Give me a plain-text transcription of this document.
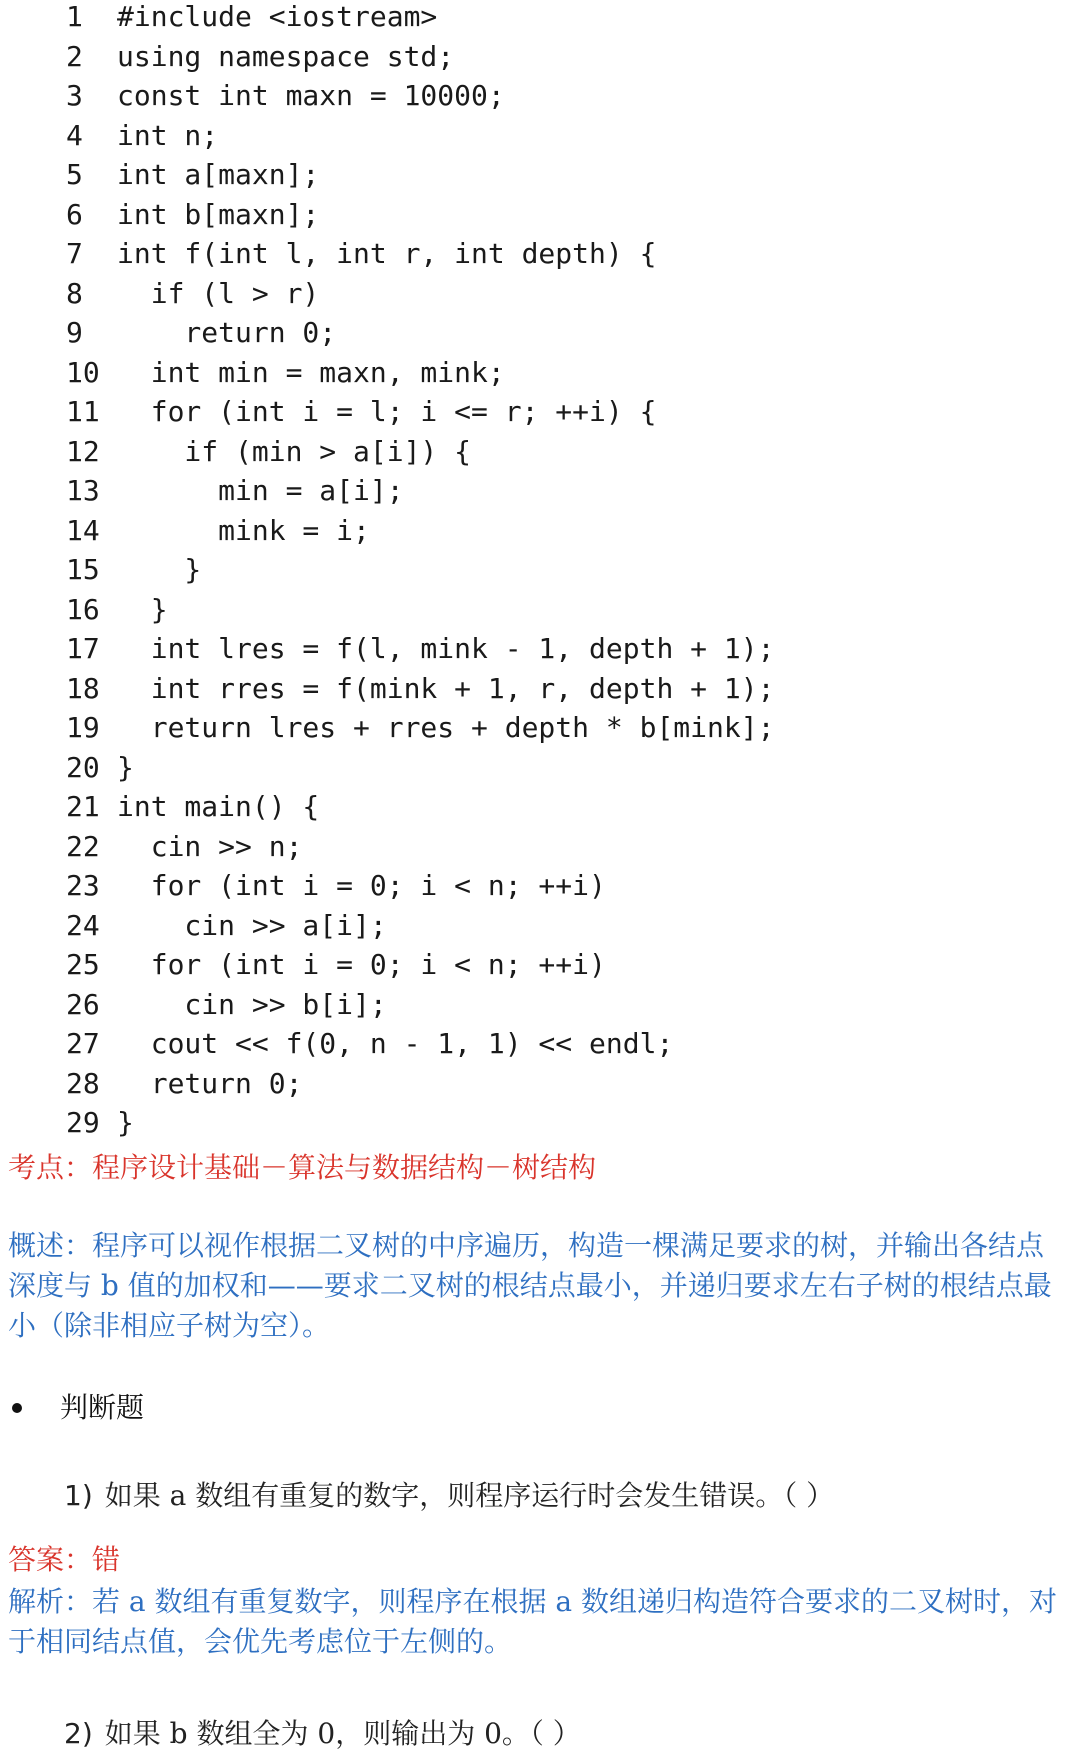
1	#include <iostream>
2	using namespace std;
3	const int maxn = 10000;
4	int n;
5	int a[maxn];
6	int b[maxn];
7	int f(int l, int r, int depth) {
8	if (l > r)
9	return 0;
10 int min = maxn, mink;
11 for (int i = l; i <= r; ++i) {
12 if (min > a[i]) {
13 min = a[i];
14 mink = i;
15 }
16 }
17 int lres = f(l, mink - 1, depth + 1);
18 int rres = f(mink + 1, r, depth + 1);
19 return lres + rres + depth * b[mink];
20 }
21 int main() {
22 cin >> n;
23 for (int i = 0; i < n; ++i)
24 cin >> a[i];
25 for (int i = 0; i < n; ++i)
26 cin >> b[i];
27 cout << f(0, n - 1, 1) << endl;
28 return 0;
29 }
考点：程序设计基础－算法与数据结构－树结构
概述：程序可以视作根据二叉树的中序遍历，构造一棵满足要求的树，并输出各结点深度与 b 值的加权和——要求二叉树的根结点最小，并递归要求左右子树的根结点最小（除非相应子树为空）。
判断题
1) 如果 a 数组有重复的数字，则程序运行时会发生错误。（ ）
答案：错
解析：若 a 数组有重复数字，则程序在根据 a 数组递归构造符合要求的二叉树时，对于相同结点值，会优先考虑位于左侧的。
2) 如果 b 数组全为 0，则输出为 0。（ ）
